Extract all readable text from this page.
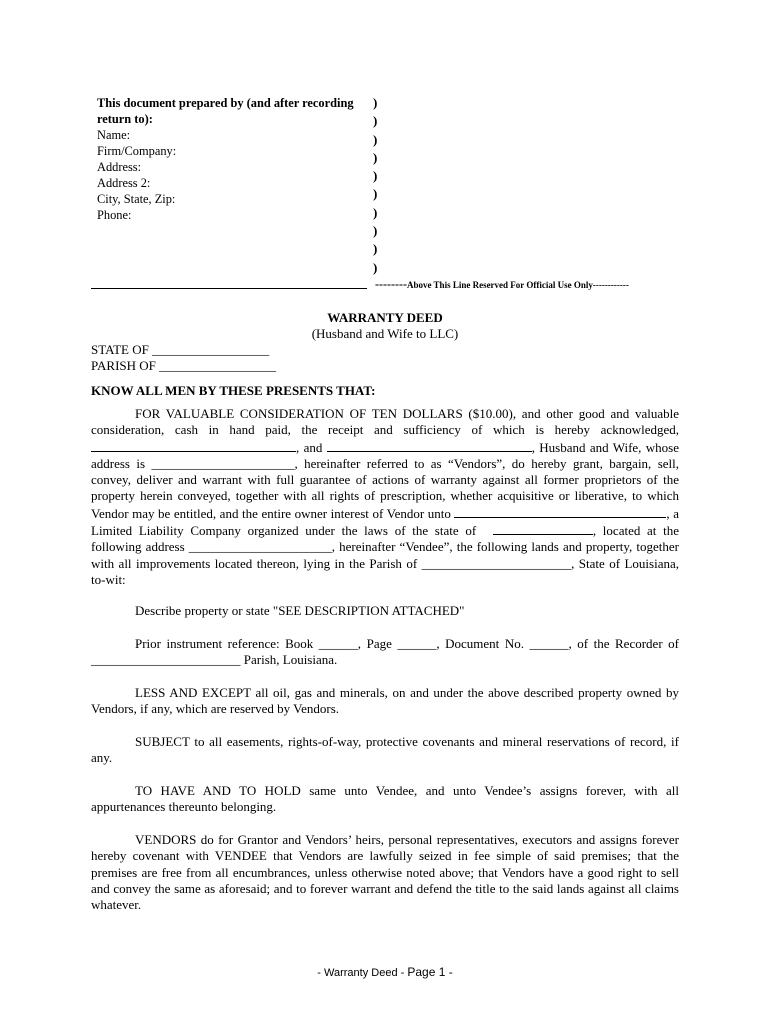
This document prepared by (and after recording return to):
Name:
Firm/Company:
Address:
Address 2:
City, State, Zip:
Phone:
)
)
)
)
)
)
)
)
)
)
--------Above This Line Reserved For Official Use Only------------
WARRANTY DEED
(Husband and Wife to LLC)
STATE OF __________________
PARISH OF __________________
KNOW ALL MEN BY THESE PRESENTS THAT:

FOR VALUABLE CONSIDERATION OF TEN DOLLARS ($10.00), and other good and valuable consideration, cash in hand paid, the receipt and sufficiency of which is hereby acknowledged, , and	, Husband and Wife, whose address is ______________________, hereinafter referred to as “Vendors”, do hereby grant, bargain, sell, convey, deliver and warrant with full guarantee of actions of warranty against all former proprietors of the property herein conveyed, together with all rights of prescription, whether acquisitive or liberative, to which Vendor may be entitled, and the entire owner interest of Vendor unto	, a Limited Liability Company organized under the laws of the state of	, located at the following address ______________________, hereinafter “Vendee”, the following lands and property, together with all improvements located thereon, lying in the Parish of _______________________, State of Louisiana, to-wit:

Describe property or state "SEE DESCRIPTION ATTACHED"

Prior instrument reference: Book ______, Page ______, Document No. ______, of the Recorder of _______________________ Parish, Louisiana.

LESS AND EXCEPT all oil, gas and minerals, on and under the above described property owned by Vendors, if any, which are reserved by Vendors.

SUBJECT to all easements, rights-of-way, protective covenants and mineral reservations of record, if any.

TO HAVE AND TO HOLD same unto Vendee, and unto Vendee’s assigns forever, with all appurtenances thereunto belonging.

VENDORS do for Grantor and Vendors’ heirs, personal representatives, executors and assigns forever hereby covenant with VENDEE that Vendors are lawfully seized in fee simple of said premises; that the premises are free from all encumbrances, unless otherwise noted above; that Vendors have a good right to sell and convey the same as aforesaid; and to forever warrant and defend the title to the said lands against all claims whatever.

- Warranty Deed - Page 1 -
